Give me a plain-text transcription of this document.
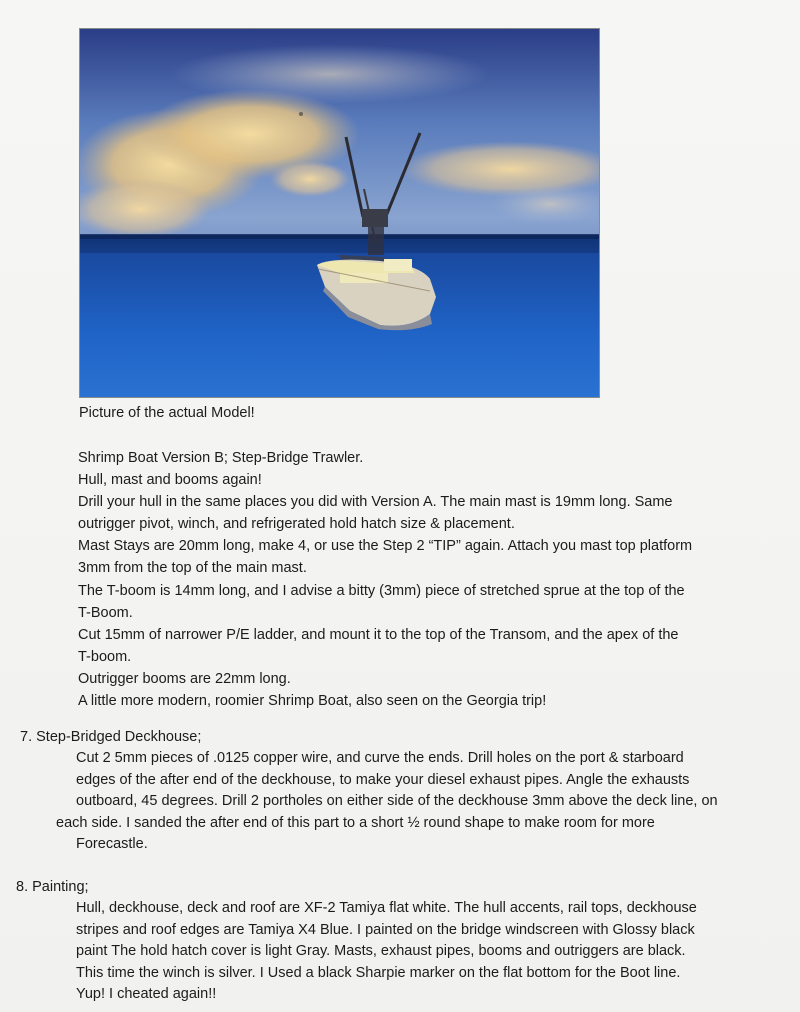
Picture of the actual Model!
Shrimp Boat Version B; Step-Bridge Trawler.
Hull, mast and booms again!
Drill your hull in the same places you did with Version A. The main mast is 19mm long. Same
outrigger pivot, winch, and refrigerated hold hatch size & placement.
Mast Stays are 20mm long, make 4, or use the Step 2 “TIP” again. Attach you mast top platform
3mm from the top of the main mast.
The T-boom is 14mm long, and I advise a bitty (3mm) piece of stretched sprue at the top of the
T-Boom.
Cut 15mm of narrower P/E ladder, and mount it to the top of the Transom, and the apex of the
T-boom.
Outrigger booms are 22mm long.
A little more modern, roomier Shrimp Boat, also seen on the Georgia trip!
7. Step-Bridged Deckhouse;
Cut 2 5mm pieces of .0125 copper wire, and curve the ends. Drill holes on the port & starboard
edges of the after end of the deckhouse, to make your diesel exhaust pipes. Angle the exhausts
outboard, 45 degrees. Drill 2 portholes on either side of the deckhouse 3mm above the deck line, on
each side. I sanded the after end of this part to a short ½ round shape to make room for more
Forecastle.
8. Painting;
Hull, deckhouse, deck and roof are XF-2 Tamiya flat white. The hull accents, rail tops, deckhouse
stripes and roof edges are Tamiya X4 Blue. I painted on the bridge windscreen with Glossy black
paint The hold hatch cover is light Gray. Masts, exhaust pipes, booms and outriggers are black.
This time the winch is silver. I Used a black Sharpie marker on the flat bottom for the Boot line.
Yup! I cheated again!!
